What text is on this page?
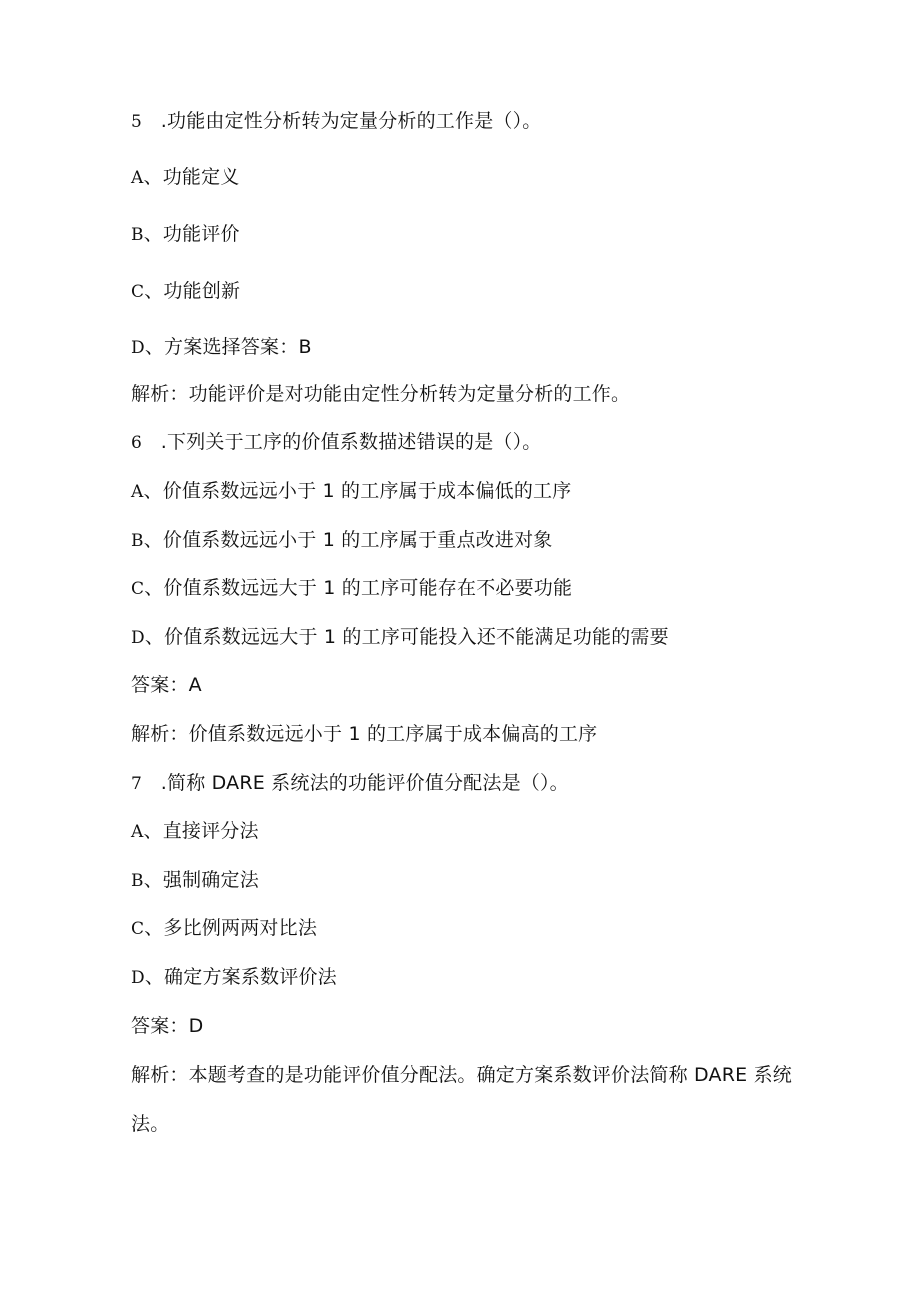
5 .功能由定性分析转为定量分析的工作是（）。
A、功能定义
B、功能评价
C、功能创新
D、方案选择答案：B
解析：功能评价是对功能由定性分析转为定量分析的工作。
6 .下列关于工序的价值系数描述错误的是（）。
A、价值系数远远小于 1 的工序属于成本偏低的工序
B、价值系数远远小于 1 的工序属于重点改进对象
C、价值系数远远大于 1 的工序可能存在不必要功能
D、价值系数远远大于 1 的工序可能投入还不能满足功能的需要
答案：A
解析：价值系数远远小于 1 的工序属于成本偏高的工序
7 .简称 DARE 系统法的功能评价值分配法是（）。
A、直接评分法
B、强制确定法
C、多比例两两对比法
D、确定方案系数评价法
答案：D
解析：本题考查的是功能评价值分配法。确定方案系数评价法简称 DARE 系统
法。
